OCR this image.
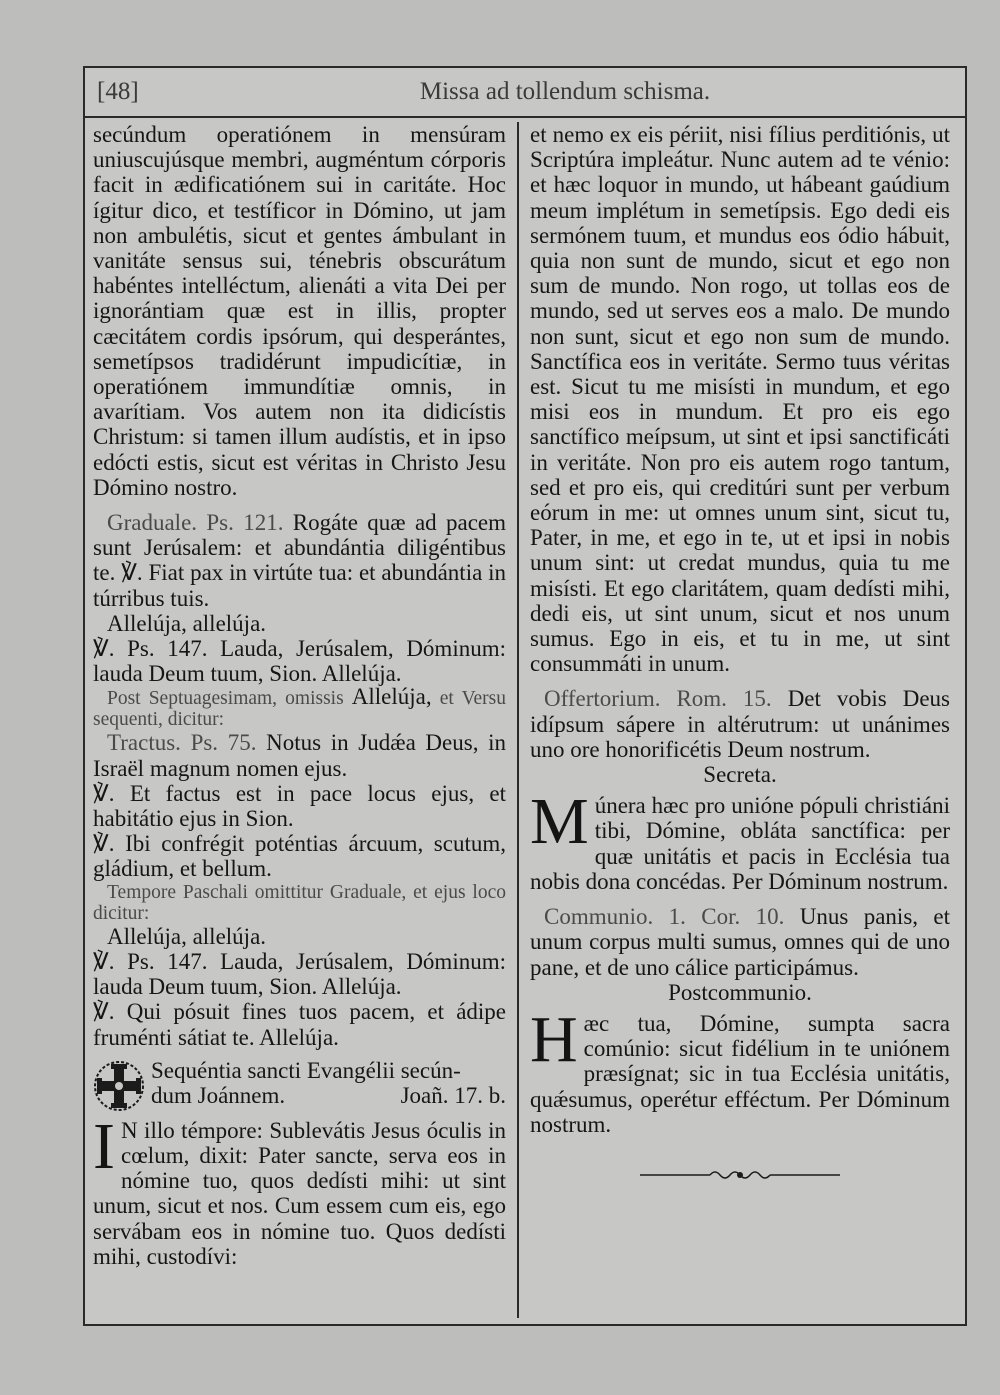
[48]	Missa ad tollendum schisma.

secúndum operatiónem in mensúram uniuscujúsque membri, augméntum córporis facit in ædificatiónem sui in caritáte. Hoc ígitur dico, et testíficor in Dómino, ut jam non ambulétis, sicut et gentes ámbulant in vanitáte sensus sui, ténebris obscurátum habéntes intelléctum, alienáti a vita Dei per ignorántiam quæ est in illis, propter cæcitátem cordis ipsórum, qui desperántes, semetípsos tradidérunt impudicítiæ, in operatiónem immundítiæ omnis, in avarítiam. Vos autem non ita didicístis Christum: si tamen illum audístis, et in ipso edócti estis, sicut est véritas in Christo Jesu Dómino nostro.

Graduale. Ps. 121. Rogáte quæ ad pacem sunt Jerúsalem: et abundántia diligéntibus te. ℣. Fiat pax in virtúte tua: et abundántia in túrribus tuis.

Allelúja, allelúja.

℣. Ps. 147. Lauda, Jerúsalem, Dóminum: lauda Deum tuum, Sion. Allelúja.

Post Septuagesimam, omissis Allelúja, et Versu sequenti, dicitur:

Tractus. Ps. 75. Notus in Judǽa Deus, in Israël magnum nomen ejus.

℣. Et factus est in pace locus ejus, et habitátio ejus in Sion.

℣. Ibi confrégit poténtias árcuum, scutum, gládium, et bellum.

Tempore Paschali omittitur Graduale, et ejus loco dicitur:

Allelúja, allelúja.

℣. Ps. 147. Lauda, Jerúsalem, Dóminum: lauda Deum tuum, Sion. Allelúja.

℣. Qui pósuit fines tuos pacem, et ádipe fruménti sátiat te. Allelúja.

Sequéntia sancti Evangélii secún-
dum Joánnem.	Joañ. 17. b.
I N illo témpore: Sublevátis Jesus óculis in cœlum, dixit: Pater sancte, serva eos in nómine tuo, quos dedísti mihi: ut sint unum, sicut et nos. Cum essem cum eis, ego servábam eos in nómine tuo. Quos dedísti mihi, custodívi:

et nemo ex eis périit, nisi fílius perditiónis, ut Scriptúra impleátur. Nunc autem ad te vénio: et hæc loquor in mundo, ut hábeant gaúdium meum implétum in semetípsis. Ego dedi eis sermónem tuum, et mundus eos ódio hábuit, quia non sunt de mundo, sicut et ego non sum de mundo. Non rogo, ut tollas eos de mundo, sed ut serves eos a malo. De mundo non sunt, sicut et ego non sum de mundo. Sanctífica eos in veritáte. Sermo tuus véritas est. Sicut tu me misísti in mundum, et ego misi eos in mundum. Et pro eis ego sanctífico meípsum, ut sint et ipsi sanctificáti in veritáte. Non pro eis autem rogo tantum, sed et pro eis, qui creditúri sunt per verbum eórum in me: ut omnes unum sint, sicut tu, Pater, in me, et ego in te, ut et ipsi in nobis unum sint: ut credat mundus, quia tu me misísti. Et ego claritátem, quam dedísti mihi, dedi eis, ut sint unum, sicut et nos unum sumus. Ego in eis, et tu in me, ut sint consummáti in unum.

Offertorium. Rom. 15. Det vobis Deus idípsum sápere in altérutrum: ut unánimes uno ore honorificétis Deum nostrum.

Secreta.

M únera hæc pro unióne pópuli christiáni tibi, Dómine, obláta sanctífica: per quæ unitátis et pacis in Ecclésia tua nobis dona concédas. Per Dóminum nostrum.

Communio. 1. Cor. 10. Unus panis, et unum corpus multi sumus, omnes qui de uno pane, et de uno cálice participámus.

Postcommunio.

H æc tua, Dómine, sumpta sacra comúnio: sicut fidélium in te uniónem præsígnat; sic in tua Ecclésia unitátis, quǽsumus, operétur efféctum. Per Dóminum nostrum.
